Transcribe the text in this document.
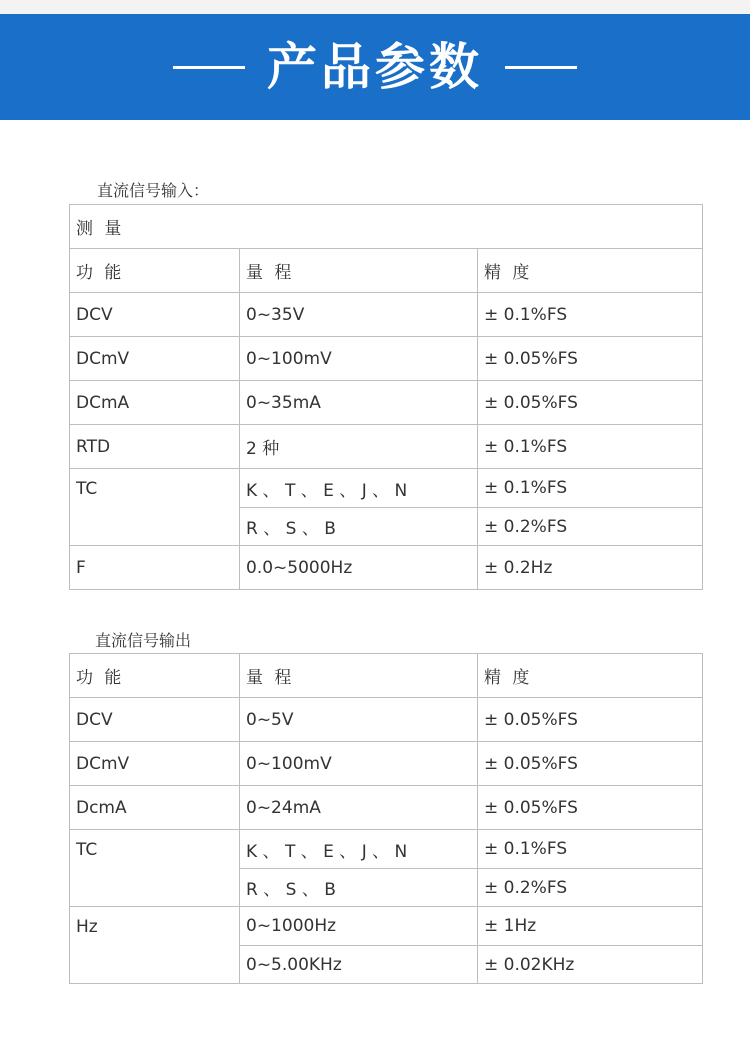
产品参数
直流信号输入：
测 量		
功 能	量 程	精 度
DCV	0~35V	± 0.1%FS
DCmV	0~100mV	± 0.05%FS
DCmA	0~35mA	± 0.05%FS
RTD	2 种	± 0.1%FS
TC	K 、 T 、 E 、 J 、 N	± 0.1%FS
	R 、 S 、 B	± 0.2%FS
F	0.0~5000Hz	± 0.2Hz
直流信号输出
功 能	量 程	精 度
DCV	0~5V	± 0.05%FS
DCmV	0~100mV	± 0.05%FS
DcmA	0~24mA	± 0.05%FS
TC	K 、 T 、 E 、 J 、 N	± 0.1%FS
	R 、 S 、 B	± 0.2%FS
Hz	0~1000Hz	± 1Hz
	0~5.00KHz	± 0.02KHz
